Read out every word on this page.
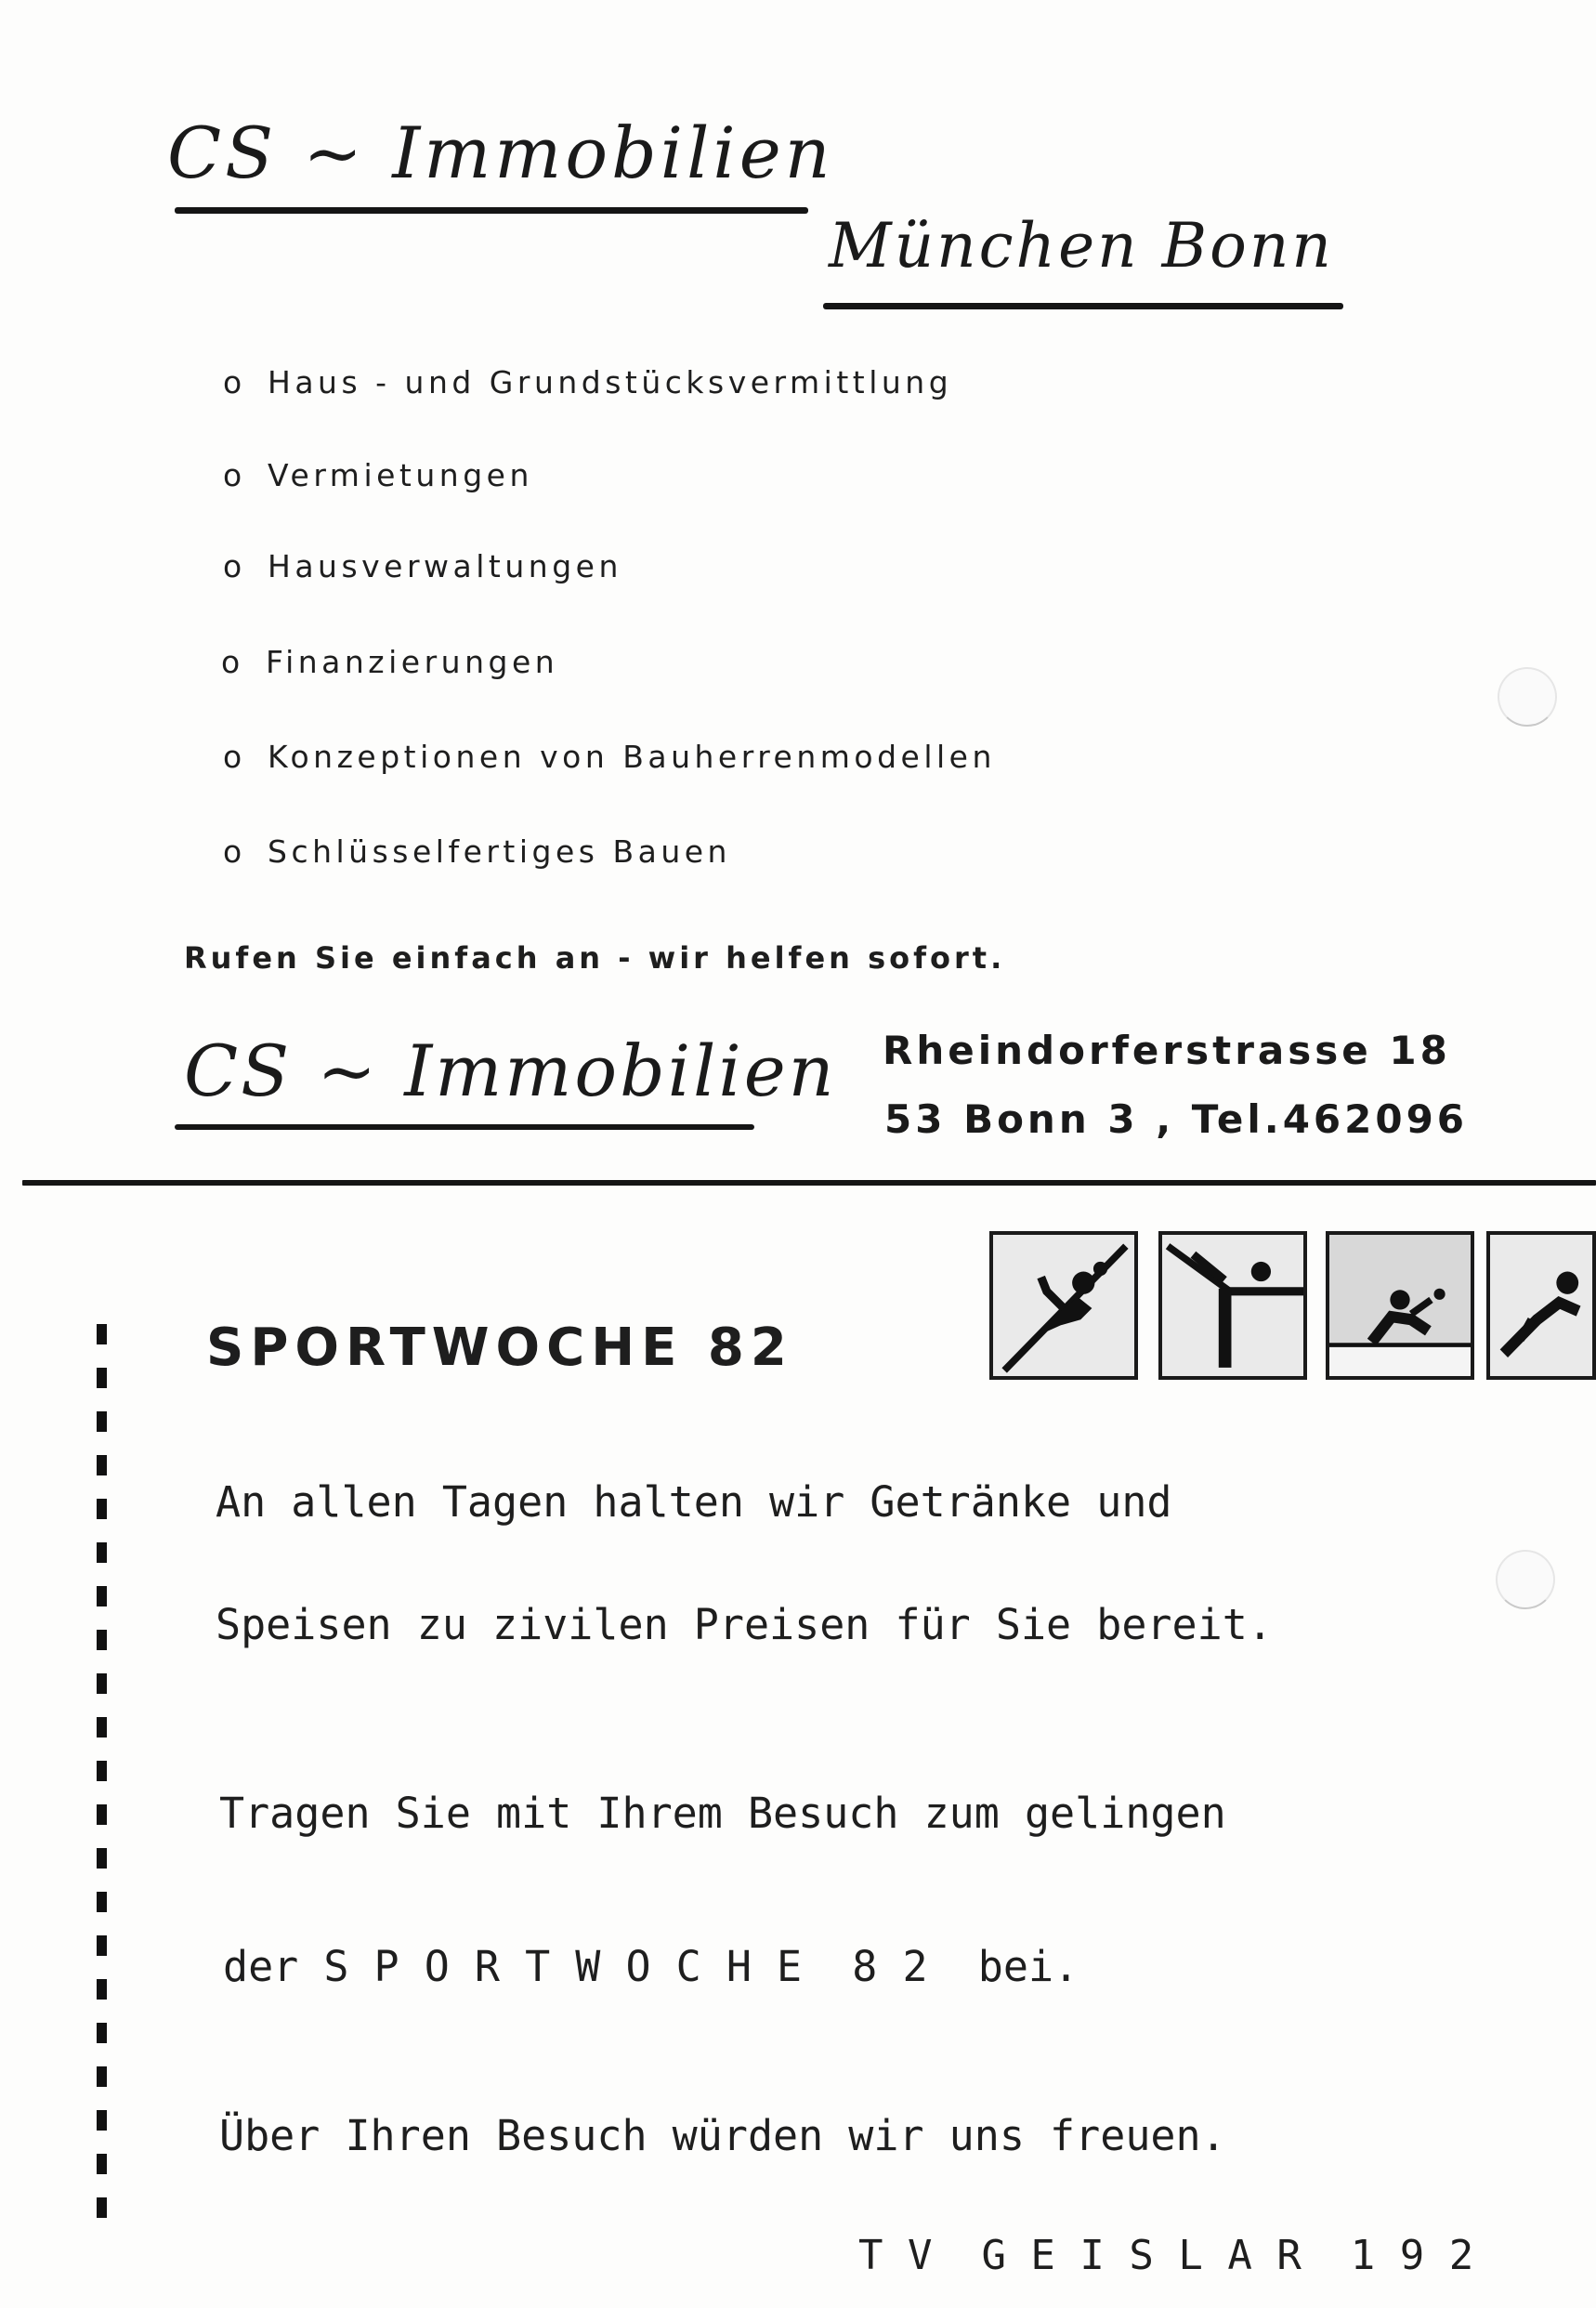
CS ~ Immobilien
München Bonn
o Haus - und Grundstücksvermittlung
o Vermietungen
o Hausverwaltungen
o Finanzierungen
o Konzeptionen von Bauherrenmodellen
o Schlüsselfertiges Bauen
Rufen Sie einfach an - wir helfen sofort.
CS ~ Immobilien Rheindorferstrasse 18
53 Bonn 3 , Tel.462096
SPORTWOCHE 82
An allen Tagen halten wir Getränke und
Speisen zu zivilen Preisen für Sie bereit.
Tragen Sie mit Ihrem Besuch zum gelingen
der S P O R T W O C H E  8 2  bei.
Über Ihren Besuch würden wir uns freuen.
T V  G E I S L A R  1 9 2
